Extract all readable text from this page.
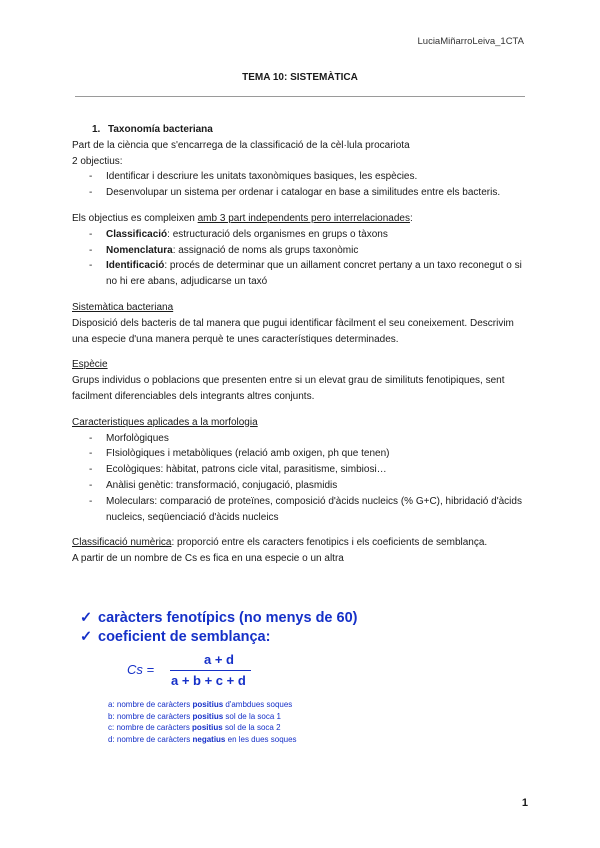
LuciaMiñarroLeiva_1CTA
TEMA 10: SISTEMÀTICA
1. Taxonomía bacteriana
Part de la ciència que s'encarrega de la classificació de la cèl·lula procariota
2 objectius:
- Identificar i descriure les unitats taxonòmiques basiques, les espècies.
- Desenvolupar un sistema per ordenar i catalogar en base a similitudes entre els bacteris.
Els objectius es compleixen amb 3 part independents pero interrelacionades:
- Classificació: estructuració dels organismes en grups o tàxons
- Nomenclatura: assignació de noms als grups taxonòmic
- Identificació: procés de determinar que un aillament concret pertany a un taxo reconegut o si no hi ere abans, adjudicarse un taxó
Sistemàtica bacteriana
Disposició dels bacteris de tal manera que pugui identificar fàcilment el seu coneixement. Descrivim una especie d'una manera perquè te unes característiques determinades.
Espècie
Grups individus o poblacions que presenten entre si un elevat grau de similituts fenotipiques, sent facilment diferenciables dels integrants altres conjunts.
Caracteristiques aplicades a la morfologia
- Morfològiques
- FIsiològiques i metabòliques (relació amb oxigen, ph que tenen)
- Ecològiques: hàbitat, patrons cicle vital, parasitisme, simbiosi…
- Anàlisi genètic: transformació, conjugació, plasmidis
- Moleculars: comparació de proteïnes, composició d'àcids nucleics (% G+C), hibridació d'àcids nucleics, seqüenciació d'àcids nucleics
Classificació numèrica: proporció entre els caracters fenotipics i els coeficients de semblança.
A partir de un nombre de Cs es fica en una especie o un altra
✓ caràcters fenotípics (no menys de 60)
✓ coeficient de semblança:
Cs =
a + d
a + b + c + d
a: nombre de caràcters positius d'ambdues soques
b: nombre de caràcters positius sol de la soca 1
c: nombre de caràcters positius sol de la soca 2
d: nombre de caràcters negatius en les dues soques
1
